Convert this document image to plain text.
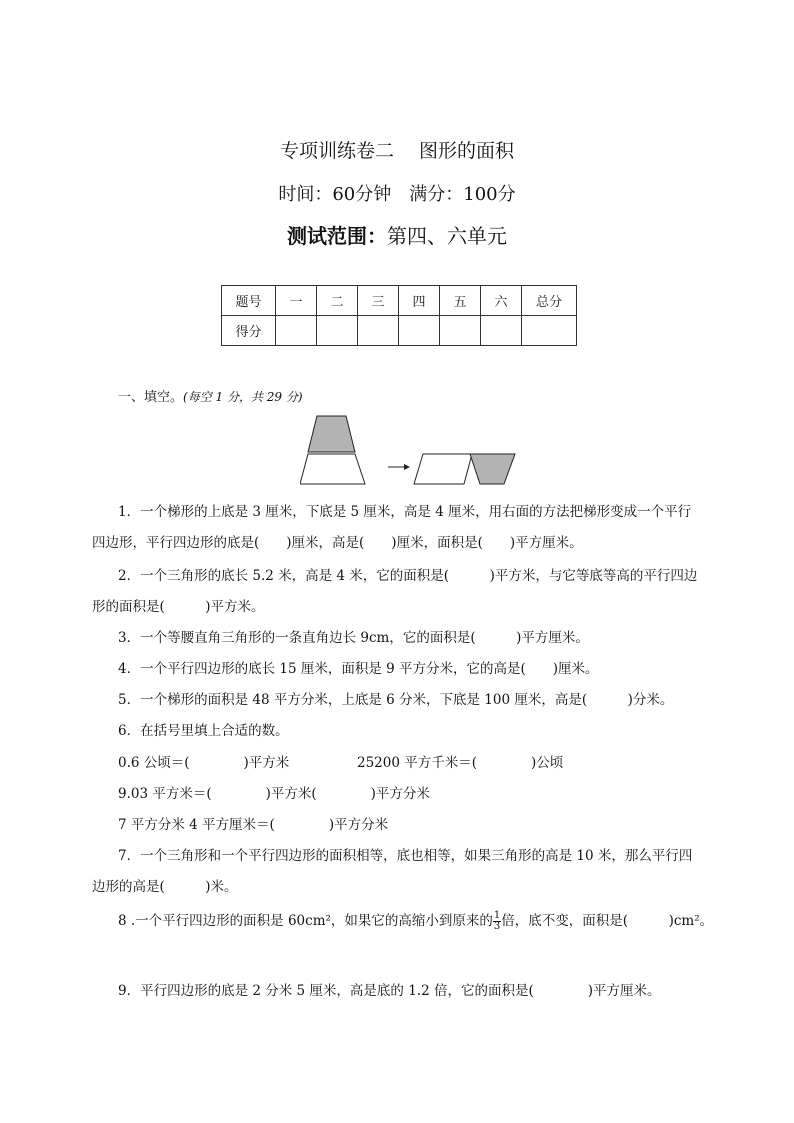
专项训练卷二　 图形的面积
时间：60分钟　满分：100分
测试范围：第四、六单元
题号	一	二	三	四	五	六	总分
得分							
一、填空。(每空 1 分，共 29 分)
1．一个梯形的上底是 3 厘米，下底是 5 厘米，高是 4 厘米，用右面的方法把梯形变成一个平行
四边形，平行四边形的底是(　　)厘米，高是(　　)厘米，面积是(　　)平方厘米。
2．一个三角形的底长 5.2 米，高是 4 米，它的面积是(　　　)平方米，与它等底等高的平行四边
形的面积是(　　　)平方米。
3．一个等腰直角三角形的一条直角边长 9cm，它的面积是(　　　)平方厘米。
4．一个平行四边形的底长 15 厘米，面积是 9 平方分米，它的高是(　　)厘米。
5．一个梯形的面积是 48 平方分米，上底是 6 分米，下底是 100 厘米，高是(　　　)分米。
6．在括号里填上合适的数。
0.6 公顷＝(　　　　)平方米	25200 平方千米＝(　　　　)公顷
9.03 平方米＝(　　　　)平方米(　　　　)平方分米
7 平方分米 4 平方厘米＝(　　　　)平方分米
7．一个三角形和一个平行四边形的面积相等，底也相等，如果三角形的高是 10 米，那么平行四
边形的高是(　　　)米。
8 .一个平行四边形的面积是 60cm²，如果它的高缩小到原来的 $\frac{1}{3}$ 倍，底不变，面积是(　　　)cm²。
9．平行四边形的底是 2 分米 5 厘米，高是底的 1.2 倍，它的面积是(　　　　)平方厘米。
